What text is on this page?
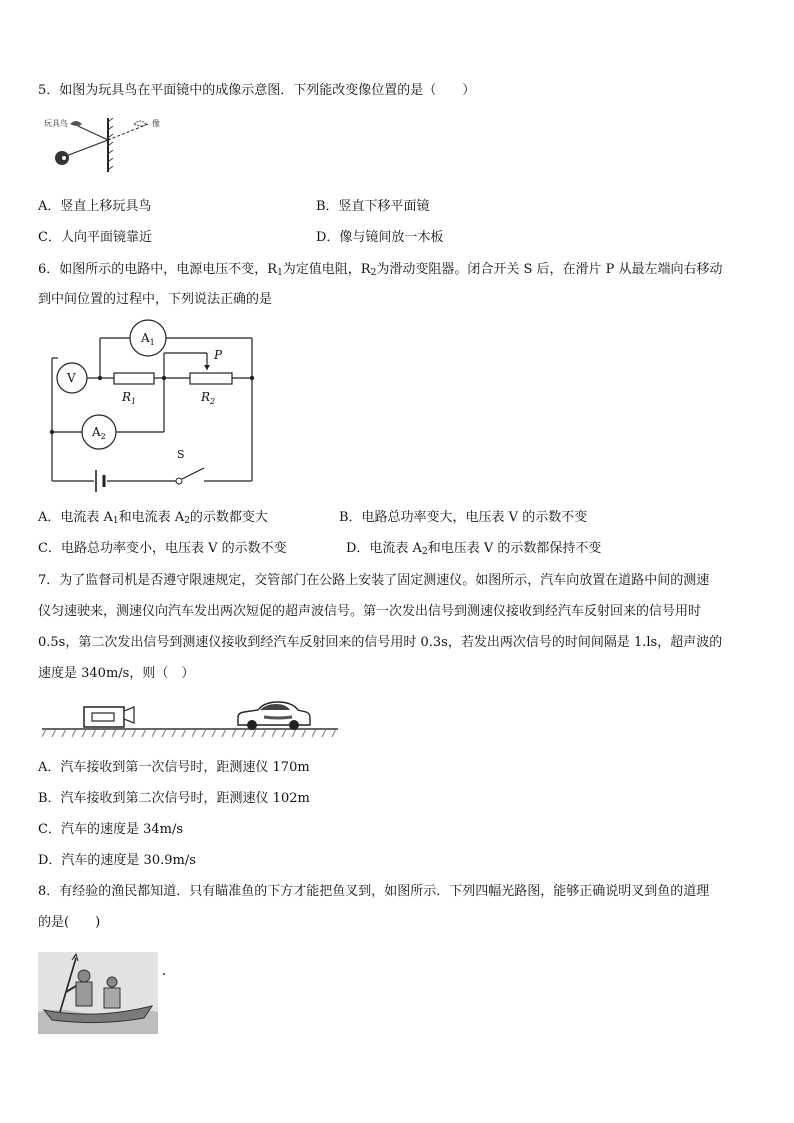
5．如图为玩具鸟在平面镜中的成像示意图．下列能改变像位置的是（　　）
玩具鸟	像
A．竖直上移玩具鸟	B．竖直下移平面镜
C．人向平面镜靠近	D．像与镜间放一木板
6．如图所示的电路中，电源电压不变，$R_1$为定值电阻，$R_2$为滑动变阻器。闭合开关 S 后，在滑片 P 从最左端向右移动
到中间位置的过程中，下列说法正确的是
$A_1$
V
$A_2$
$R_1$	$R_2$
P
S
A．电流表 $A_1$和电流表 $A_2$的示数都变大	B．电路总功率变大，电压表 V 的示数不变
C．电路总功率变小，电压表 V 的示数不变	D．电流表 $A_2$和电压表 V 的示数都保持不变
7．为了监督司机是否遵守限速规定，交管部门在公路上安装了固定测速仪。如图所示，汽车向放置在道路中间的测速
仪匀速驶来，测速仪向汽车发出两次短促的超声波信号。第一次发出信号到测速仪接收到经汽车反射回来的信号用时
0.5s，第二次发出信号到测速仪接收到经汽车反射回来的信号用时 0.3s，若发出两次信号的时间间隔是 1.ls，超声波的
速度是 340m/s，则（　）
A．汽车接收到第一次信号时，距测速仪 170m
B．汽车接收到第二次信号时，距测速仪 102m
C．汽车的速度是 34m/s
D．汽车的速度是 30.9m/s
8．有经验的渔民都知道．只有瞄准鱼的下方才能把鱼叉到，如图所示．下列四幅光路图，能够正确说明叉到鱼的道理
的是(　　)
